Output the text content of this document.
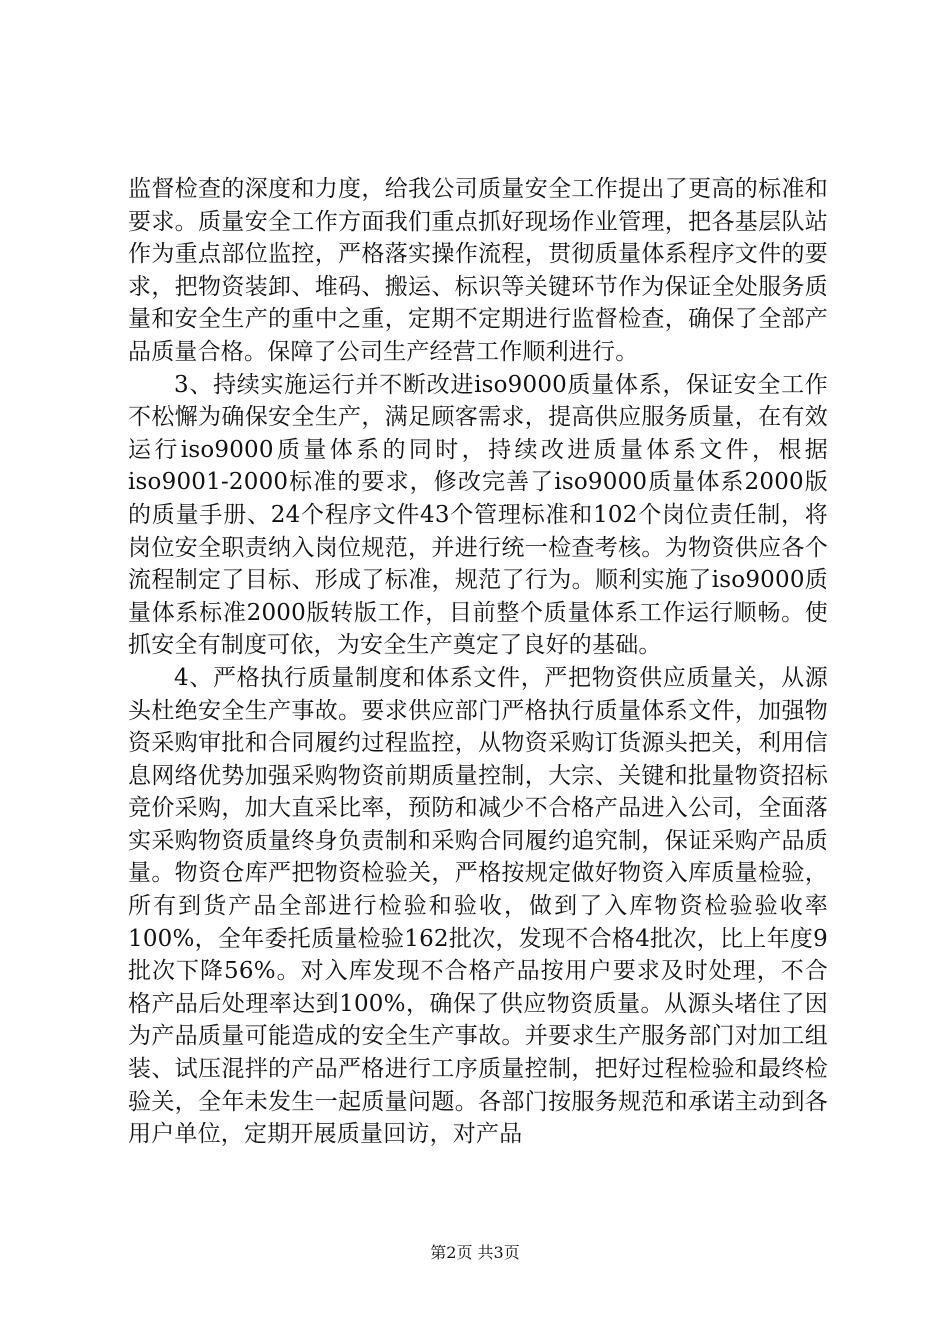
监督检查的深度和力度，给我公司质量安全工作提出了更高的标准和要求。质量安全工作方面我们重点抓好现场作业管理，把各基层队站作为重点部位监控，严格落实操作流程，贯彻质量体系程序文件的要求，把物资装卸、堆码、搬运、标识等关键环节作为保证全处服务质量和安全生产的重中之重，定期不定期进行监督检查，确保了全部产品质量合格。保障了公司生产经营工作顺利进行。

3、持续实施运行并不断改进iso9000质量体系，保证安全工作不松懈为确保安全生产，满足顾客需求，提高供应服务质量，在有效运行iso9000质量体系的同时，持续改进质量体系文件，根据iso9001-2000标准的要求，修改完善了iso9000质量体系2000版的质量手册、24个程序文件43个管理标准和102个岗位责任制，将岗位安全职责纳入岗位规范，并进行统一检查考核。为物资供应各个流程制定了目标、形成了标准，规范了行为。顺利实施了iso9000质量体系标准2000版转版工作，目前整个质量体系工作运行顺畅。使抓安全有制度可依，为安全生产奠定了良好的基础。

4、严格执行质量制度和体系文件，严把物资供应质量关，从源头杜绝安全生产事故。要求供应部门严格执行质量体系文件，加强物资采购审批和合同履约过程监控，从物资采购订货源头把关，利用信息网络优势加强采购物资前期质量控制，大宗、关键和批量物资招标竞价采购，加大直采比率，预防和减少不合格产品进入公司，全面落实采购物资质量终身负责制和采购合同履约追究制，保证采购产品质量。物资仓库严把物资检验关，严格按规定做好物资入库质量检验，所有到货产品全部进行检验和验收，做到了入库物资检验验收率100%，全年委托质量检验162批次，发现不合格4批次，比上年度9批次下降56%。对入库发现不合格产品按用户要求及时处理，不合格产品后处理率达到100%，确保了供应物资质量。从源头堵住了因为产品质量可能造成的安全生产事故。并要求生产服务部门对加工组装、试压混拌的产品严格进行工序质量控制，把好过程检验和最终检验关，全年未发生一起质量问题。各部门按服务规范和承诺主动到各用户单位，定期开展质量回访，对产品

第2页 共3页
